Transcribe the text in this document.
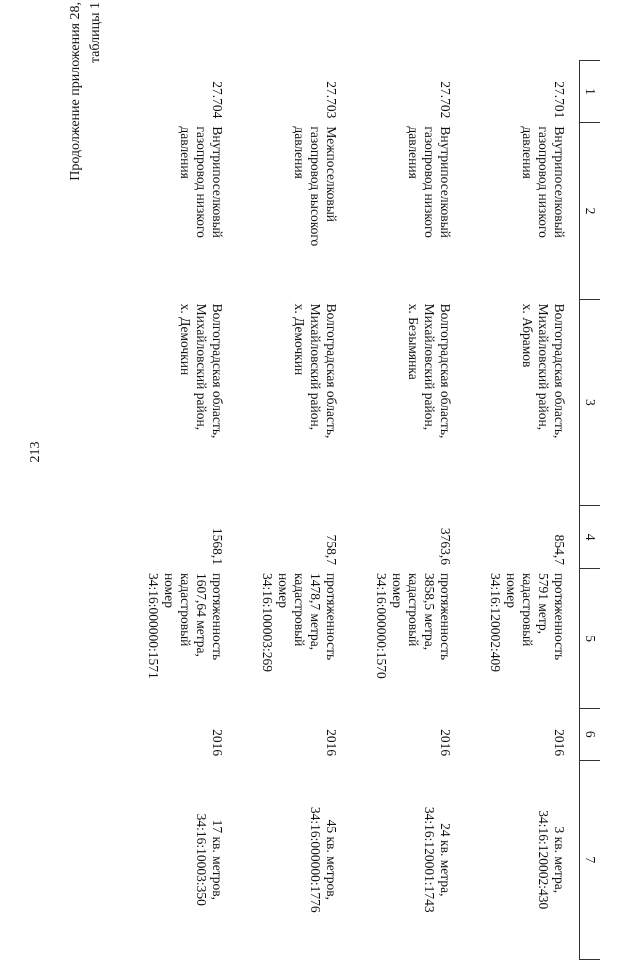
213
Продолжение приложения 28, таблицы 1
1	2	3	4	5	6	7
27.701	Внутрипоселковый
газопровод низкого
давления	Волгоградская область,
Михайловский район,
х. Абрамов	854,7	протяженность
5791 метр,
кадастровый
номер
34:16:120002:409	2016	3 кв. метра,
34:16:120002:430
27.702	Внутрипоселковый
газопровод низкого
давления	Волгоградская область,
Михайловский район,
х. Безымянка	3763,6	протяженность
3858,5 метра,
кадастровый
номер
34:16:000000:1570	2016	24 кв. метра,
34:16:120001:1743
27.703	Межпоселковый
газопровод высокого
давления	Волгоградская область,
Михайловский район,
х. Демочкин	758,7	протяженность
1478,7 метра,
кадастровый
номер
34:16:100003:269	2016	45 кв. метров,
34:16:000000:1776
27.704	Внутрипоселковый
газопровод низкого
давления	Волгоградская область,
Михайловский район,
х. Демочкин	1568,1	протяженность
1607,64 метра,
кадастровый
номер
34:16:000000:1571	2016	17 кв. метров,
34:16:10003:350
